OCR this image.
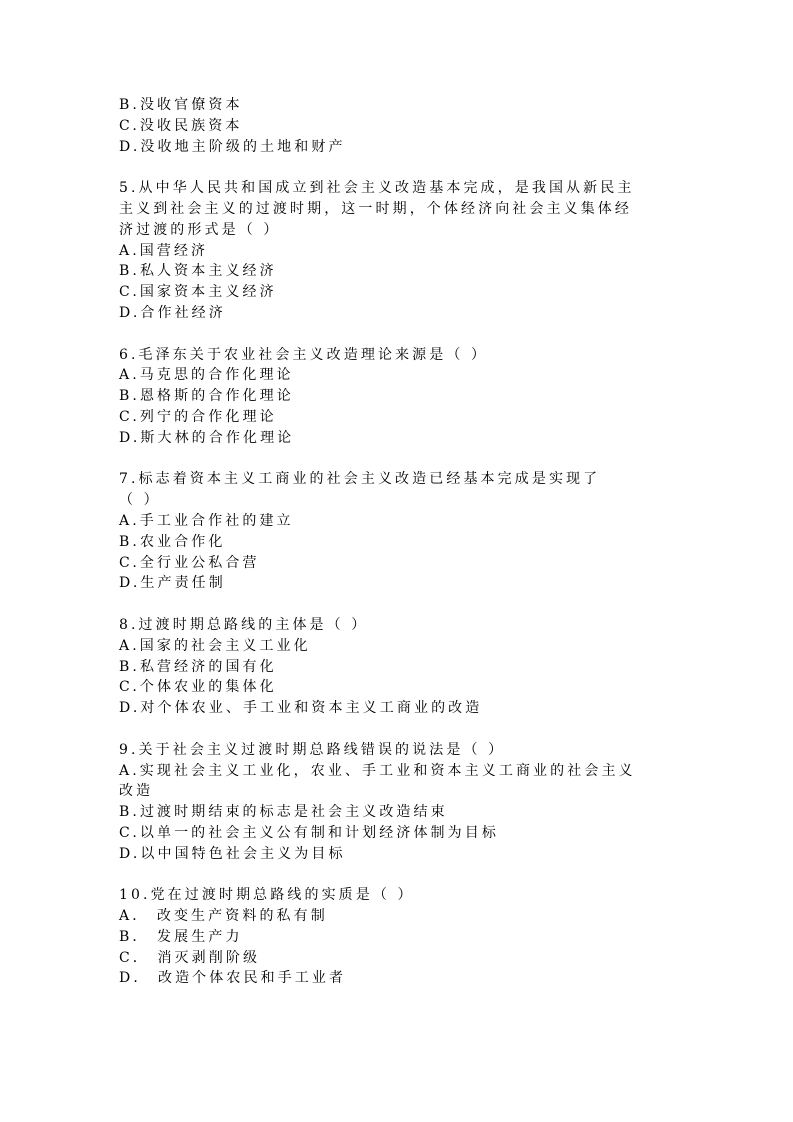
B.没收官僚资本
C.没收民族资本
D.没收地主阶级的土地和财产
5.从中华人民共和国成立到社会主义改造基本完成，是我国从新民主
主义到社会主义的过渡时期，这一时期，个体经济向社会主义集体经
济过渡的形式是（ ）
A.国营经济
B.私人资本主义经济
C.国家资本主义经济
D.合作社经济
6.毛泽东关于农业社会主义改造理论来源是（ ）
A.马克思的合作化理论
B.恩格斯的合作化理论
C.列宁的合作化理论
D.斯大林的合作化理论
7.标志着资本主义工商业的社会主义改造已经基本完成是实现了
（ ）
A.手工业合作社的建立
B.农业合作化
C.全行业公私合营
D.生产责任制
8.过渡时期总路线的主体是（ ）
A.国家的社会主义工业化
B.私营经济的国有化
C.个体农业的集体化
D.对个体农业、手工业和资本主义工商业的改造
9.关于社会主义过渡时期总路线错误的说法是（ ）
A.实现社会主义工业化，农业、手工业和资本主义工商业的社会主义
改造
B.过渡时期结束的标志是社会主义改造结束
C.以单一的社会主义公有制和计划经济体制为目标
D.以中国特色社会主义为目标
10.党在过渡时期总路线的实质是（ ）
A． 改变生产资料的私有制
B． 发展生产力
C． 消灭剥削阶级
D． 改造个体农民和手工业者
